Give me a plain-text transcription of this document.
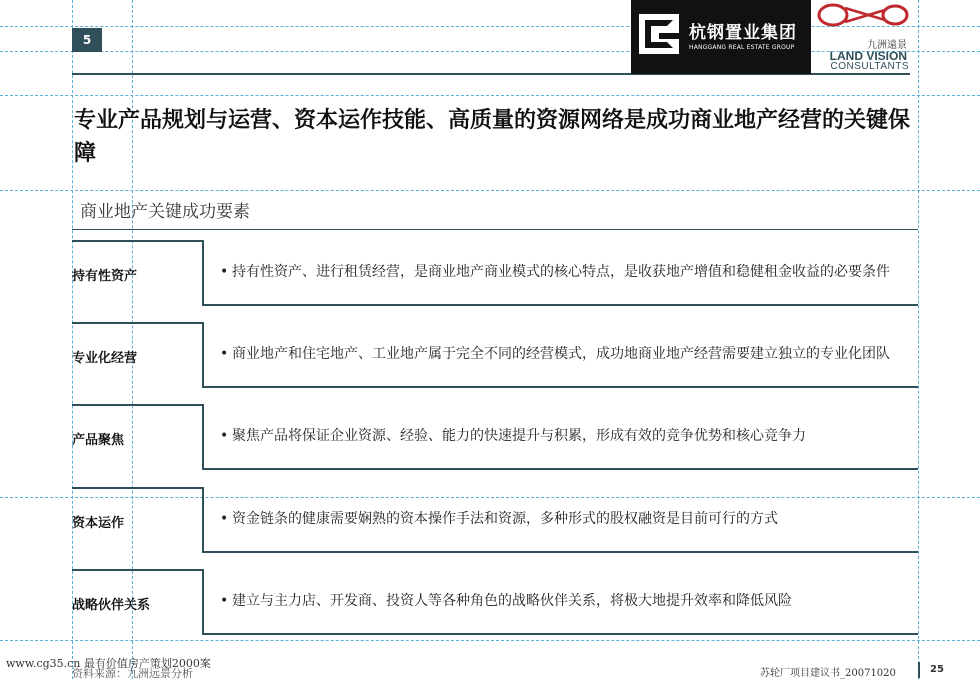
5	杭钢置业集团
HANGGANG REAL ESTATE GROUP	九洲遠景
LAND VISION
CONSULTANTS
专业产品规划与运营、资本运作技能、高质量的资源网络是成功商业地产经营的关键保障
商业地产关键成功要素
持有性资产	• 持有性资产、进行租赁经营，是商业地产商业模式的核心特点，是收获地产增值和稳健租金收益的必要条件
专业化经营	• 商业地产和住宅地产、工业地产属于完全不同的经营模式，成功地商业地产经营需要建立独立的专业化团队
产品聚焦	• 聚焦产品将保证企业资源、经验、能力的快速提升与积累，形成有效的竞争优势和核心竞争力
资本运作	• 资金链条的健康需要娴熟的资本操作手法和资源，多种形式的股权融资是目前可行的方式
战略伙伴关系	• 建立与主力店、开发商、投资人等各种角色的战略伙伴关系，将极大地提升效率和降低风险
www.cg35.cn 最有价值房产策划2000案
资料来源：九洲远景分析	苏轮厂项目建议书_20071020	25
